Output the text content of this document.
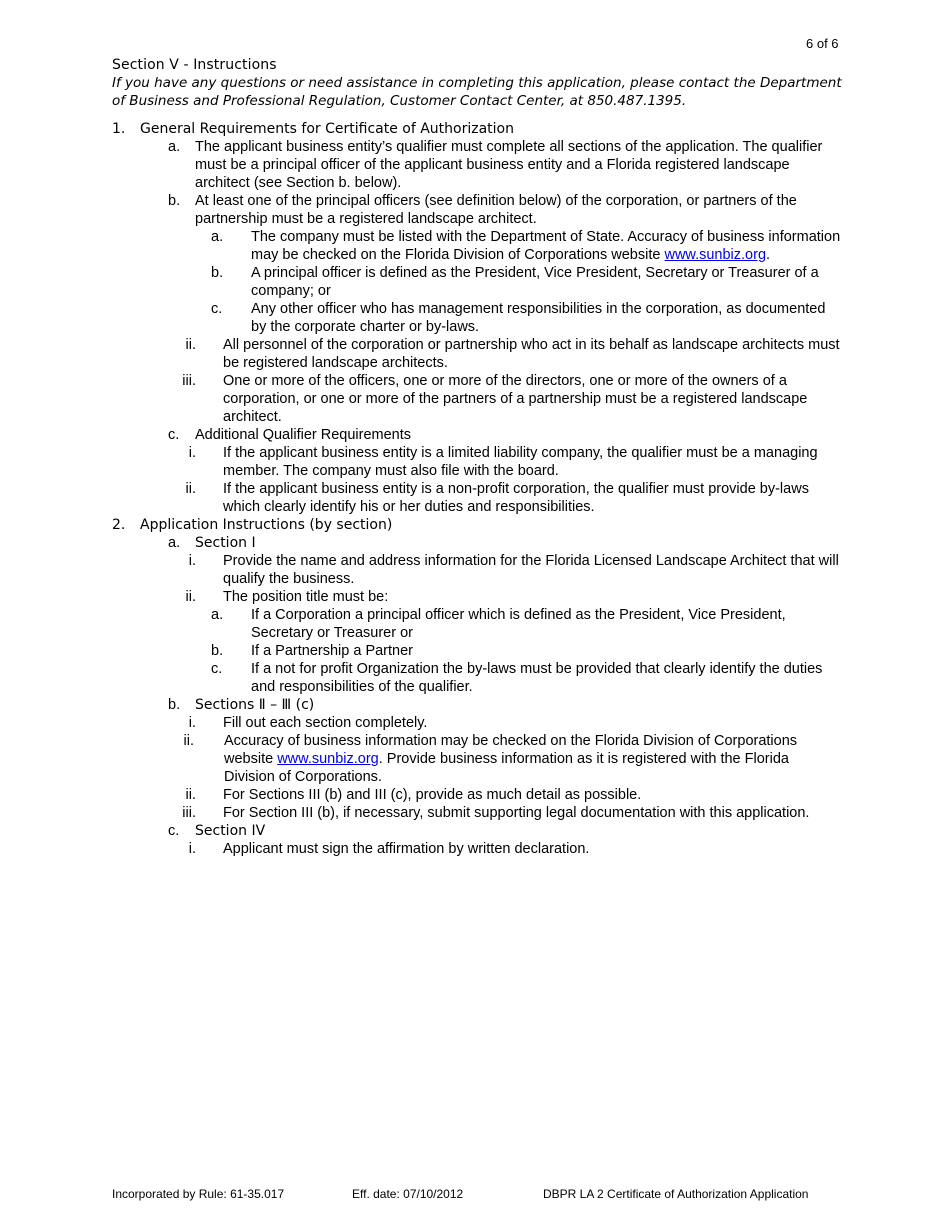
6 of 6
Section V - Instructions
If you have any questions or need assistance in completing this application, please contact the Department of Business and Professional Regulation, Customer Contact Center, at 850.487.1395.
1. General Requirements for Certificate of Authorization
a. The applicant business entity’s qualifier must complete all sections of the application. The qualifier must be a principal officer of the applicant business entity and a Florida registered landscape architect (see Section b. below).
b. At least one of the principal officers (see definition below) of the corporation, or partners of the partnership must be a registered landscape architect.
a. The company must be listed with the Department of State. Accuracy of business information may be checked on the Florida Division of Corporations website www.sunbiz.org.
b. A principal officer is defined as the President, Vice President, Secretary or Treasurer of a company; or
c.	Any other officer who has management responsibilities in the corporation, as documented by the corporate charter or by-laws.
ii. All personnel of the corporation or partnership who act in its behalf as landscape architects must be registered landscape architects.
iii. One or more of the officers, one or more of the directors, one or more of the owners of a corporation, or one or more of the partners of a partnership must be a registered landscape architect.
c.	Additional Qualifier Requirements
i. If the applicant business entity is a limited liability company, the qualifier must be a managing member. The company must also file with the board.
ii. If the applicant business entity is a non-profit corporation, the qualifier must provide by-laws which clearly identify his or her duties and responsibilities.
2. Application Instructions (by section)
a. Section I
i. Provide the name and address information for the Florida Licensed Landscape Architect that will qualify the business.
ii. The position title must be:
a. If a Corporation a principal officer which is defined as the President, Vice President, Secretary or Treasurer or
b. If a Partnership a Partner
c.	If a not for profit Organization the by-laws must be provided that clearly identify the duties and responsibilities of the qualifier.
b. Sections Ⅱ – Ⅲ (c)
i. Fill out each section completely.
ii. Accuracy of business information may be checked on the Florida Division of Corporations website www.sunbiz.org. Provide business information as it is registered with the Florida Division of Corporations.
ii. For Sections III (b) and III (c), provide as much detail as possible.
iii. For Section III (b), if necessary, submit supporting legal documentation with this application.
c.	Section IV
i. Applicant must sign the affirmation by written declaration.
Incorporated by Rule: 61-35.017	Eff. date: 07/10/2012	DBPR LA 2 Certificate of Authorization Application
